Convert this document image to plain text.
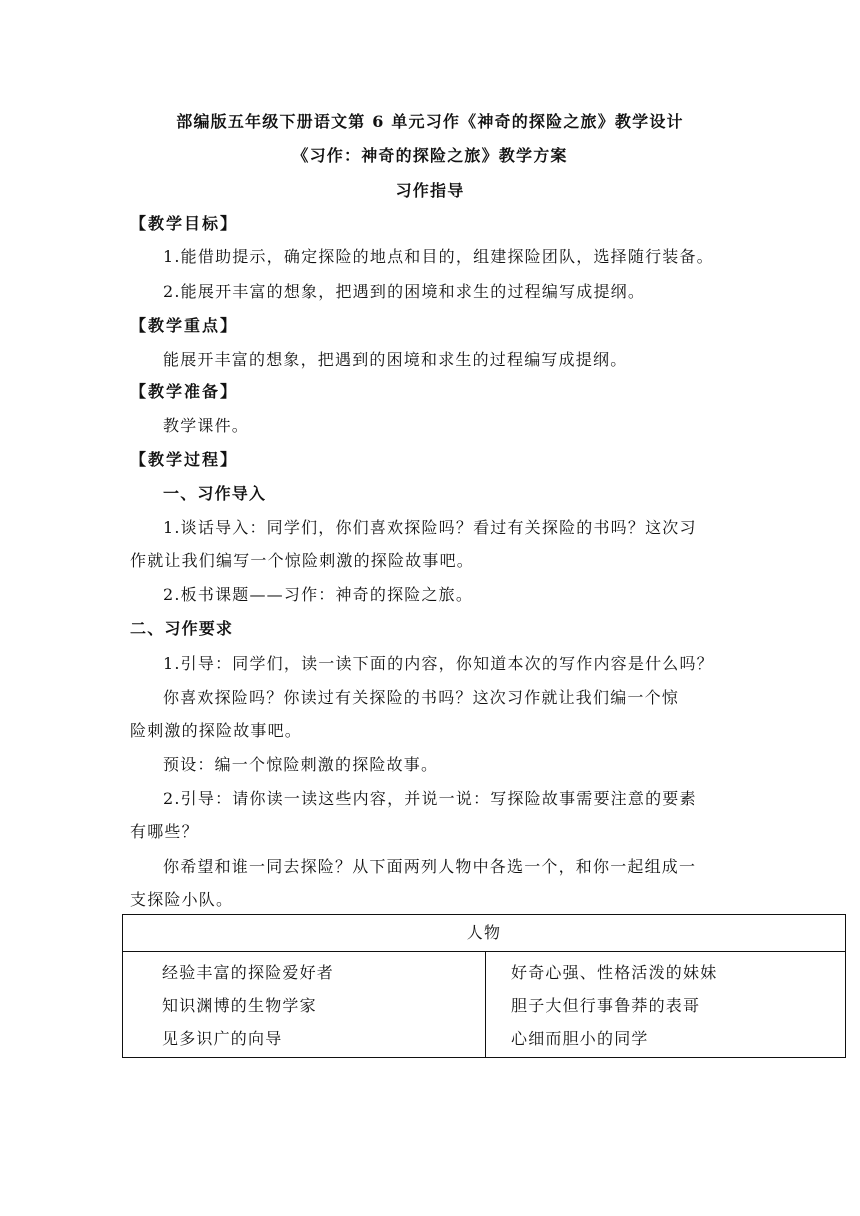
部编版五年级下册语文第 6 单元习作《神奇的探险之旅》教学设计
《习作：神奇的探险之旅》教学方案
习作指导
【教学目标】
1.能借助提示，确定探险的地点和目的，组建探险团队，选择随行装备。
2.能展开丰富的想象，把遇到的困境和求生的过程编写成提纲。
【教学重点】
能展开丰富的想象，把遇到的困境和求生的过程编写成提纲。
【教学准备】
教学课件。
【教学过程】
一、习作导入
1.谈话导入：同学们，你们喜欢探险吗？看过有关探险的书吗？这次习
作就让我们编写一个惊险刺激的探险故事吧。
2.板书课题——习作：神奇的探险之旅。
二、习作要求
1.引导：同学们，读一读下面的内容，你知道本次的写作内容是什么吗？
你喜欢探险吗？你读过有关探险的书吗？这次习作就让我们编一个惊
险刺激的探险故事吧。
预设：编一个惊险刺激的探险故事。
2.引导：请你读一读这些内容，并说一说：写探险故事需要注意的要素
有哪些？
你希望和谁一同去探险？从下面两列人物中各选一个，和你一起组成一
支探险小队。
人物

经验丰富的探险爱好者
知识渊博的生物学家
见多识广的向导

好奇心强、性格活泼的妹妹
胆子大但行事鲁莽的表哥
心细而胆小的同学
